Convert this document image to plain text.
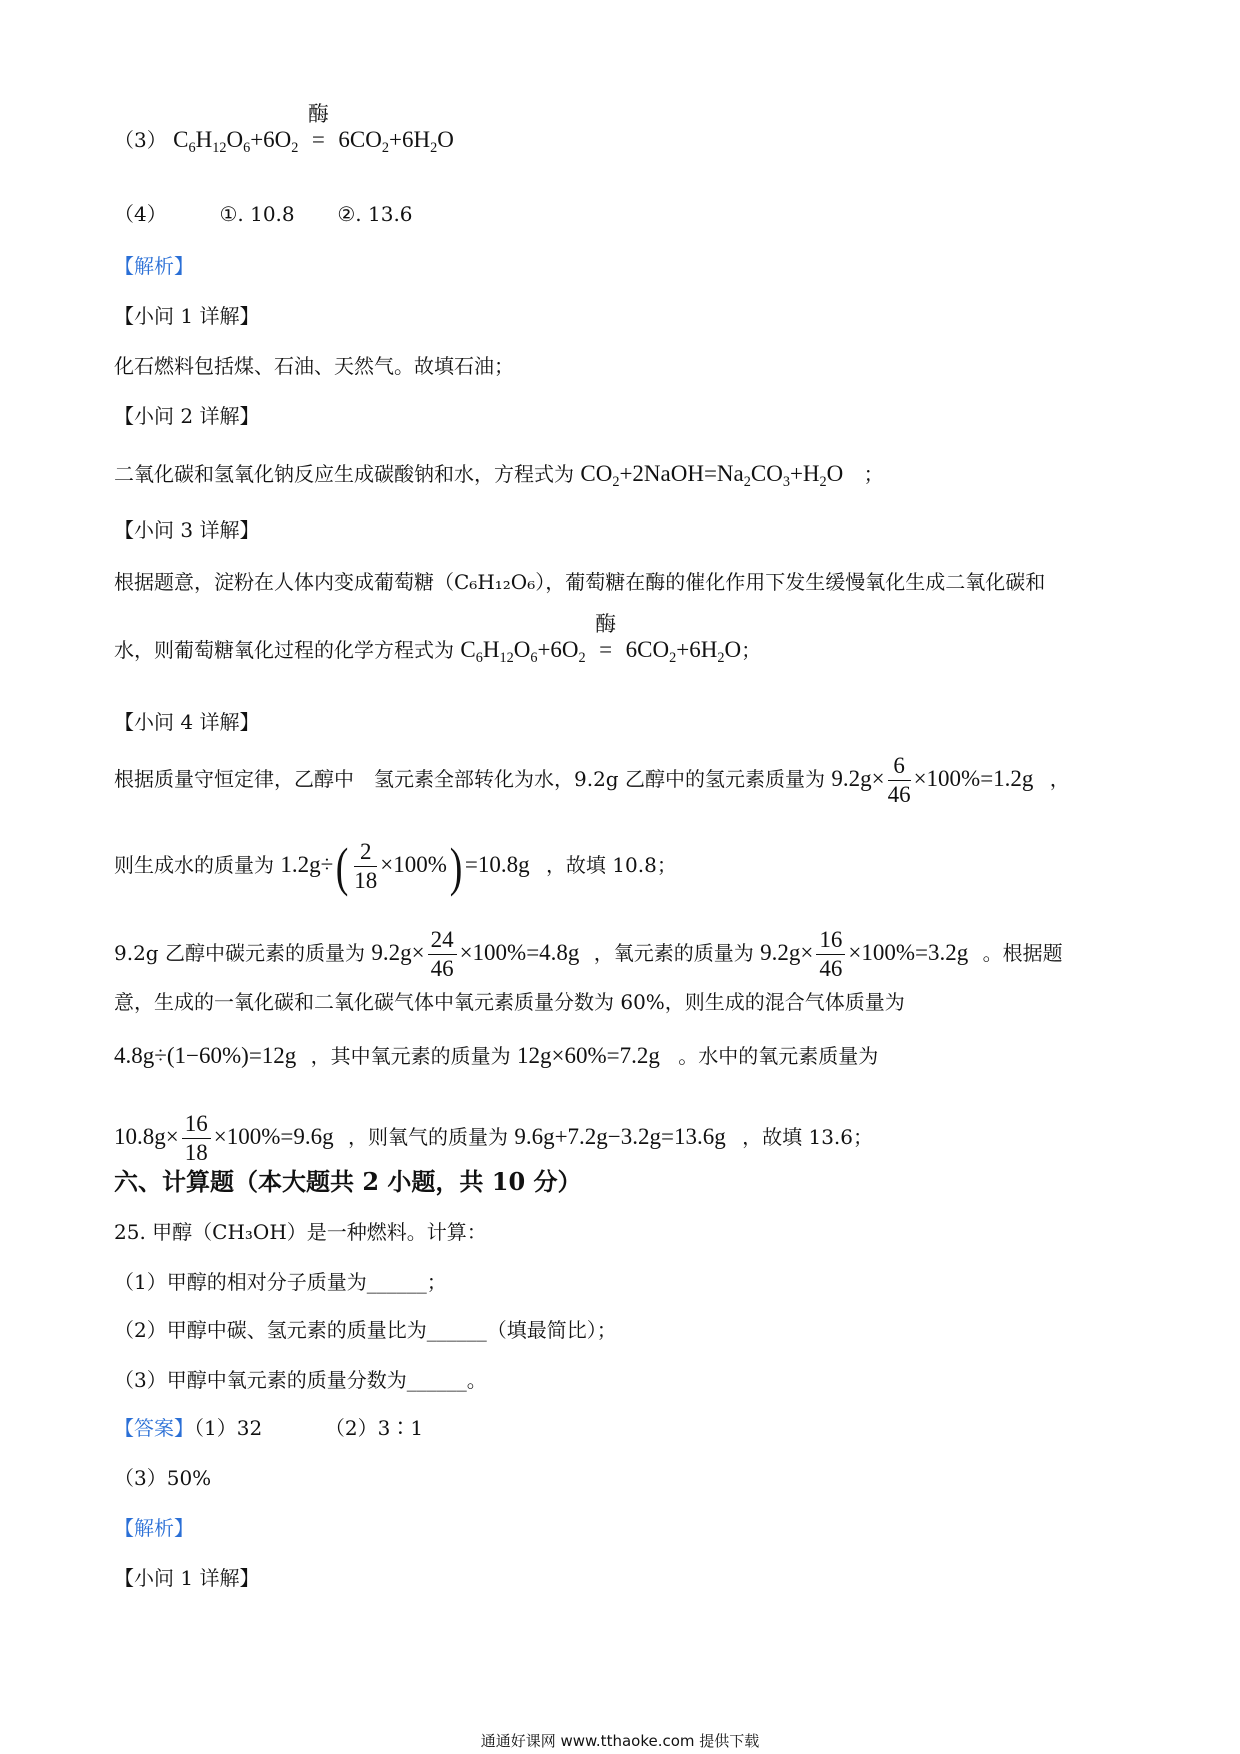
（3） $C_6H_{12}O_6+6O_2$
酶
= $6CO_2+6H_2O$
（4）	①. 10.8 ②. 13.6
【解析】
【小问 1 详解】
化石燃料包括煤、石油、天然气。故填石油；
【小问 2 详解】
二氧化碳和氢氧化钠反应生成碳酸钠和水，方程式为 $CO_2+2NaOH=Na_2CO_3+H_2O$ ；
【小问 3 详解】
根据题意，淀粉在人体内变成葡萄糖（C₆H₁₂O₆），葡萄糖在酶的催化作用下发生缓慢氧化生成二氧化碳和
水，则葡萄糖氧化过程的化学方程式为 $C_6H_{12}O_6+6O_2$
酶
= $6CO_2+6H_2O$；
【小问 4 详解】
根据质量守恒定律，乙醇中　氢元素全部转化为水，9.2g 乙醇中的氢元素质量为 $9.2g\times \frac{6}{46} \times 100\%=1.2g$ ，
则生成水的质量为 $1.2g\div( \frac{2}{18} \times 100\%) =10.8g$ ，故填 10.8；
9.2g 乙醇中碳元素的质量为 $9.2g\times \frac{24}{46} \times 100\%=4.8g$ ，氧元素的质量为 $9.2g\times \frac{16}{46} \times 100\%=3.2g$ 。根据题
意，生成的一氧化碳和二氧化碳气体中氧元素质量分数为 60%，则生成的混合气体质量为
4.8g÷(1−60%)=12g ，其中氧元素的质量为 12g×60%=7.2g 。水中的氧元素质量为
$10.8g\times \frac{16}{18} \times 100\%=9.6g$ ，则氧气的质量为 9.6g+7.2g−3.2g=13.6g ，故填 13.6；
六、计算题（本大题共 2 小题，共 10 分）
25. 甲醇（CH₃OH）是一种燃料。计算：
（1）甲醇的相对分子质量为______；
（2）甲醇中碳、氢元素的质量比为______（填最简比）；
（3）甲醇中氧元素的质量分数为______。
【答案】（1）32	（2）3∶1
（3）50%
【解析】
【小问 1 详解】
通通好课网 www.tthaoke.com 提供下载
